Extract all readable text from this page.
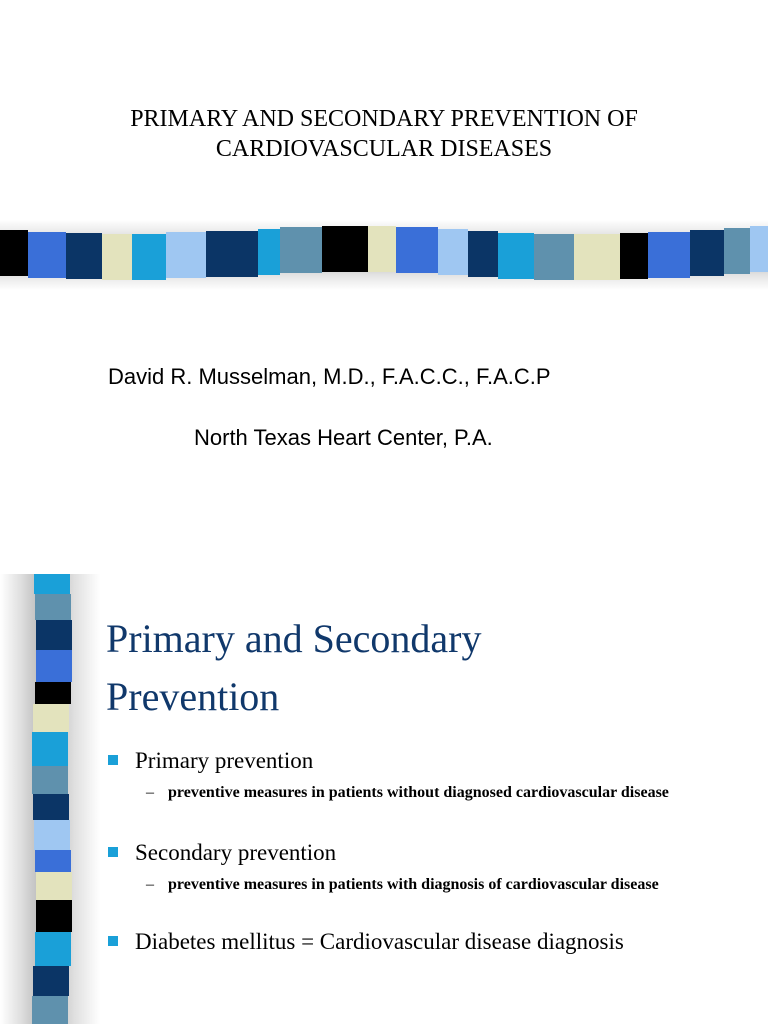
PRIMARY AND SECONDARY PREVENTION OF
CARDIOVASCULAR DISEASES
David R. Musselman, M.D., F.A.C.C., F.A.C.P
North Texas Heart Center, P.A.
Primary and Secondary
Prevention
Primary prevention
– preventive measures in patients without diagnosed cardiovascular disease
Secondary prevention
– preventive measures in patients with diagnosis of cardiovascular disease
Diabetes mellitus = Cardiovascular disease diagnosis
